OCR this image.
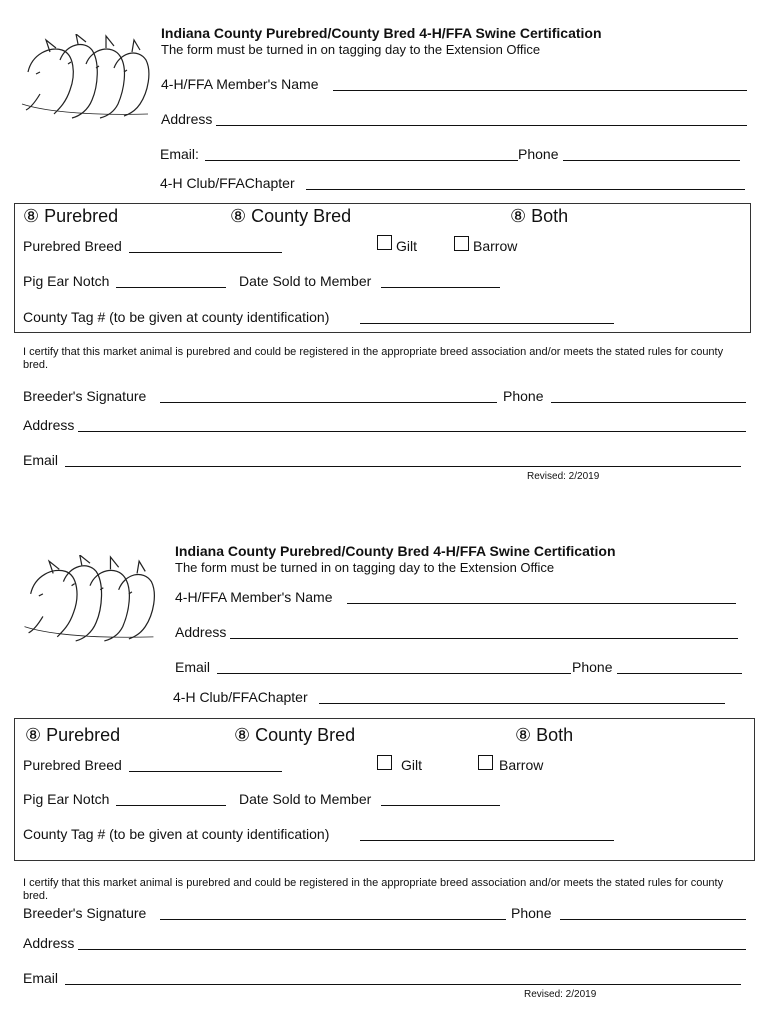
Indiana County Purebred/County Bred 4-H/FFA Swine Certification
The form must be turned in on tagging day to the Extension Office
4-H/FFA Member's Name
Address
Email:	Phone
4-H Club/FFAChapter
⑧ Purebred	⑧ County Bred	⑧ Both
Purebred Breed	Gilt	Barrow
Pig Ear Notch	Date Sold to Member
County Tag # (to be given at county identification)
I certify that this market animal is purebred and could be registered in the appropriate breed association and/or meets the stated rules for county bred.
Breeder's Signature	Phone
Address
Email
Revised: 2/2019
Indiana County Purebred/County Bred 4-H/FFA Swine Certification
The form must be turned in on tagging day to the Extension Office
4-H/FFA Member's Name
Address
Email	Phone
4-H Club/FFAChapter
⑧ Purebred	⑧ County Bred	⑧ Both
Purebred Breed	Gilt	Barrow
Pig Ear Notch	Date Sold to Member
County Tag # (to be given at county identification)
I certify that this market animal is purebred and could be registered in the appropriate breed association and/or meets the stated rules for county bred.
Breeder's Signature	Phone
Address
Email
Revised: 2/2019
